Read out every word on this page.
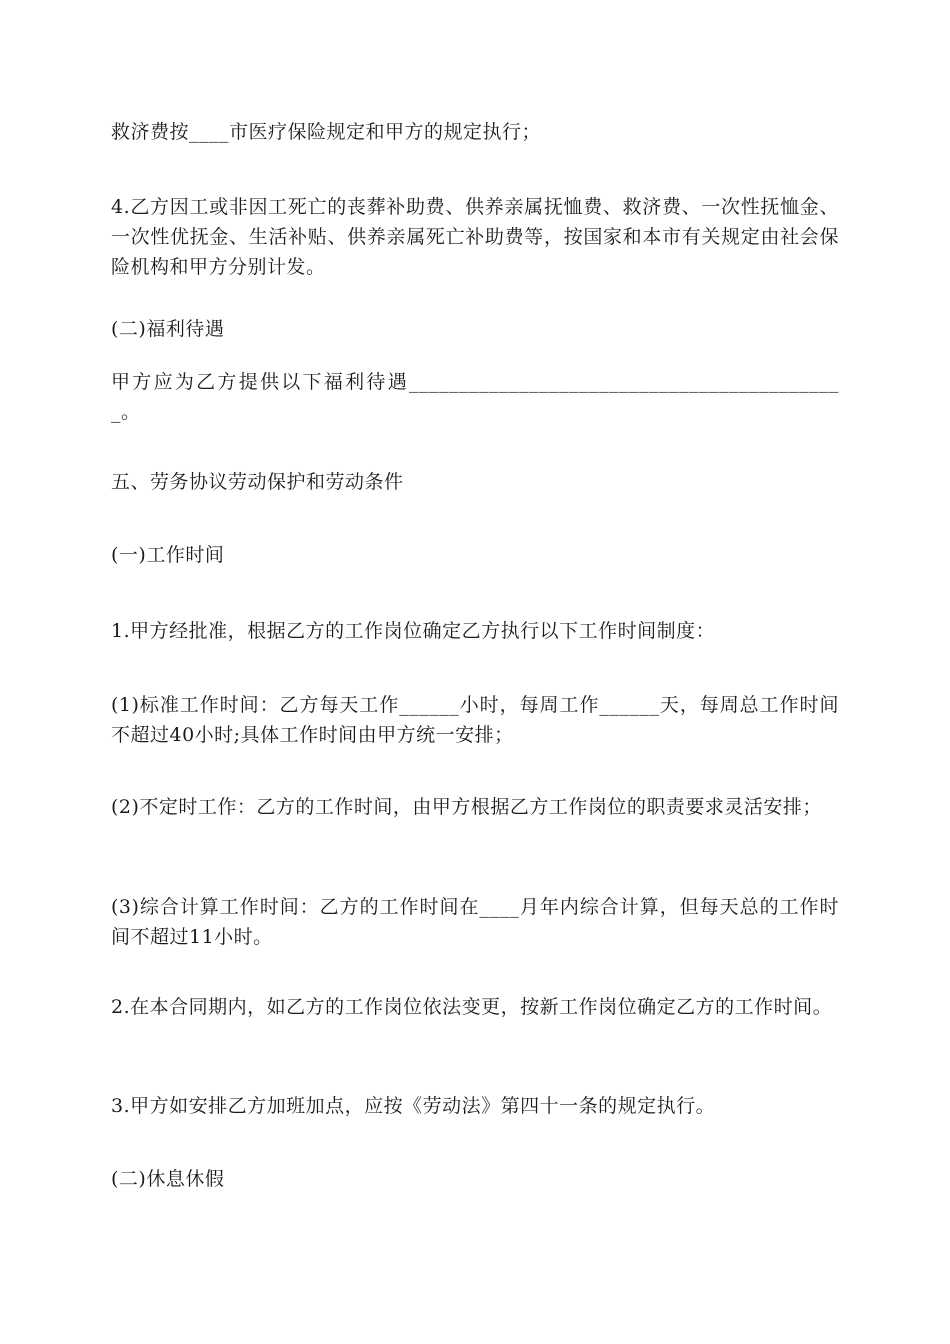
救济费按____市医疗保险规定和甲方的规定执行；

4.乙方因工或非因工死亡的丧葬补助费、供养亲属抚恤费、救济费、一次性抚恤金、一次性优抚金、生活补贴、供养亲属死亡补助费等，按国家和本市有关规定由社会保险机构和甲方分别计发。

(二)福利待遇

甲方应为乙方提供以下福利待遇____________________________________________。

五、劳务协议劳动保护和劳动条件

(一)工作时间

1.甲方经批准，根据乙方的工作岗位确定乙方执行以下工作时间制度：

(1)标准工作时间：乙方每天工作______小时，每周工作______天，每周总工作时间不超过40小时;具体工作时间由甲方统一安排；

(2)不定时工作：乙方的工作时间，由甲方根据乙方工作岗位的职责要求灵活安排；

(3)综合计算工作时间：乙方的工作时间在____月年内综合计算，但每天总的工作时间不超过11小时。

2.在本合同期内，如乙方的工作岗位依法变更，按新工作岗位确定乙方的工作时间。

3.甲方如安排乙方加班加点，应按《劳动法》第四十一条的规定执行。

(二)休息休假
